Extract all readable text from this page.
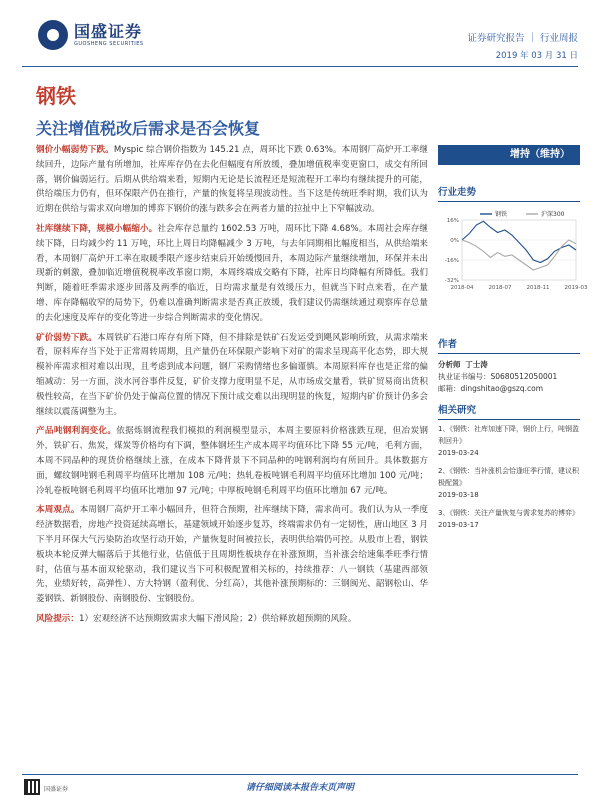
国盛证券
GUOSHENG SECURITIES	证券研究报告 ｜ 行业周报
2019 年 03 月 31 日
钢铁
关注增值税改后需求是否会恢复

钢价小幅弱势下跌。Myspic 综合钢价指数为 145.21 点，周环比下跌 0.63%。本周钢厂高炉开工率继续回升，边际产量有所增加，社库库存仍在去化但幅度有所放缓，叠加增值税率变更窗口，成交有所回落，钢价偏弱运行。后期从供给端来看，短期内无论是长流程还是短流程开工率均有继续提升的可能，供给端压力仍有，但环保限产仍在推行，产量的恢复将呈现波动性。当下这是传统旺季时期，我们认为近期在供给与需求双向增加的博弈下钢价的涨与跌多会在两者力量的拉扯中上下窄幅波动。

社库继续下降，规模小幅缩小。社会库存总量约 1602.53 万吨，周环比下降 4.68%。本周社会库存继续下降，日均减少约 11 万吨，环比上周日均降幅减少 3 万吨，与去年同期相比幅度相当，从供给端来看，本周钢厂高炉开工率在取暖季限产逐步结束后开始缓慢回升，本周边际产量继续增加，环保并未出现新的刺激，叠加临近增值税税率改革窗口期，本周终端成交略有下降，社库日均降幅有所降低。我们判断，随着旺季需求逐步回落及两季的临近，日均需求量是有效缓压力，但就当下时点来看，在产量增、库存降幅收窄的局势下，仍难以准确判断需求是否真正放缓，我们建议仍需继续通过观察库存总量的去化速度及库存的变化等进一步综合判断需求的变化情况。

矿价弱势下跌。本周铁矿石港口库存有所下降，但不排除是铁矿石发运受到飓风影响所致，从需求端来看，原料库存当下处于正常周转周期，且产量仍在环保限产影响下对矿的需求呈现高平化态势，即大规模补库需求相对难以出现，且考虑到成本问题，钢厂采购情绪也多偏谨慎。本周原料库存也是正常的偏缩减动：另一方面，淡水河谷事件反复，矿价支撑力度明显不足，从市场成交量看，铁矿贸易商出货积极性较高，在当下矿价仍处于偏高位置的情况下预计成交难以出现明显的恢复，短期内矿价预计仍多会继续以震荡调整为主。

产品吨钢利润变化。依据炼钢流程我们模拟的利润模型显示，本周主要原料价格涨跌互现，但冶炭钢外，铁矿石、焦炭，煤炭等价格均有下调，整体钢坯生产成本周平均值环比下降 55 元/吨，毛利方面，本周不同品种的现货价格继续上涨，在成本下降背景下不同品种的吨钢利润均有所回升。具体数据方面，螺纹钢吨钢毛利周平均值环比增加 108 元/吨；热轧卷板吨钢毛利周平均值环比增加 100 元/吨；冷轧卷板吨钢毛利周平均值环比增加 97 元/吨；中厚板吨钢毛利周平均值环比增加 67 元/吨。

本周观点。本周钢厂高炉开工率小幅回升，但符合预期，社库继续下降，需求尚可。我们认为从一季度经济数据看，房地产投资延续高增长，基建领域开始逐步复苏，终端需求仍有一定韧性，唐山地区 3 月下半月环保大气污染防治攻坚行动开始，产量恢复时间被拉长，表明供给端仍可控。从股市上看，钢铁板块本轮反弹大幅落后于其他行业，估值低于且周期性板块存在补涨预期，当补涨会给速集季旺季行情时，估值与基本面双轮驱动，我们建议当下可积极配置相关标的，持续推荐：八一钢铁（基建西部领先，业绩好转，高弹性）、方大特钢（盈利优、分红高），其他补涨预期标的：三钢闽光、韶钢松山、华菱钢铁、新钢股份、南钢股份、宝钢股份。

风险提示：1）宏观经济不达预期致需求大幅下滑风险；2）供给释放超预期的风险。

增持（维持）
行业走势
钢铁	沪深300
16%
0%
-16%
-32%
2018-04	2018-07	2018-11	2019-03
作者
分析师 丁士涛
执业证书编号：S0680512050001
邮箱：dingshitao@gszq.com
相关研究
1、《钢铁：社库加速下降，钢价上行，吨钢盈利回升》
2019-03-24
2、《钢铁：当补涨机会恰逢旺季行情，建议积极配置》
2019-03-18
3、《钢铁：关注产量恢复与需求复苏的博弈》2019-03-17
国盛证券	请仔细阅读本报告末页声明
